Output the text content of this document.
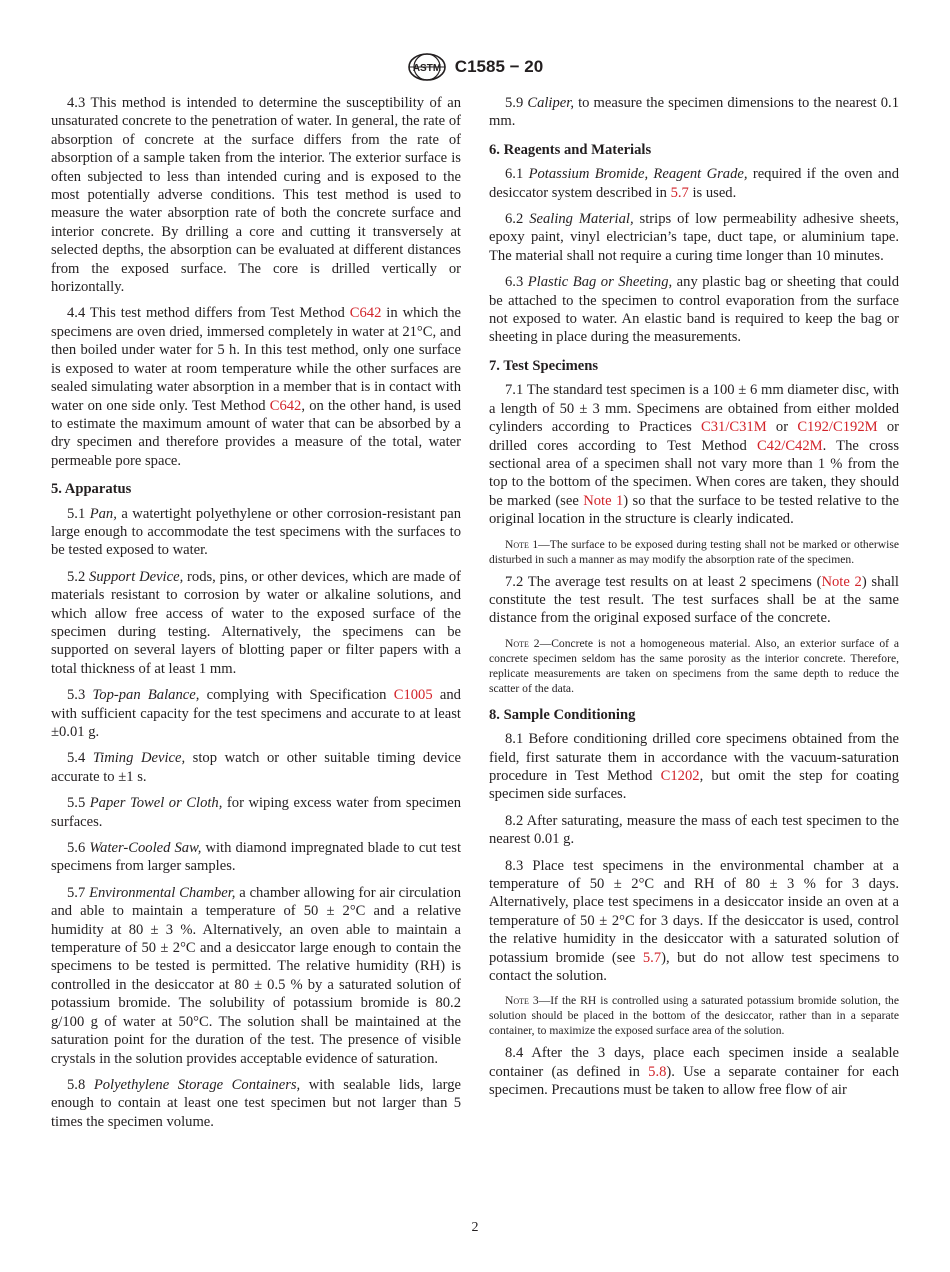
ASTM C1585 − 20

4.3 This method is intended to determine the susceptibility of an unsaturated concrete to the penetration of water. In general, the rate of absorption of concrete at the surface differs from the rate of absorption of a sample taken from the interior. The exterior surface is often subjected to less than intended curing and is exposed to the most potentially adverse conditions. This test method is used to measure the water absorption rate of both the concrete surface and interior concrete. By drilling a core and cutting it transversely at selected depths, the absorption can be evaluated at different distances from the exposed surface. The core is drilled vertically or horizontally.

4.4 This test method differs from Test Method C642 in which the specimens are oven dried, immersed completely in water at 21°C, and then boiled under water for 5 h. In this test method, only one surface is exposed to water at room temperature while the other surfaces are sealed simulating water absorption in a member that is in contact with water on one side only. Test Method C642, on the other hand, is used to estimate the maximum amount of water that can be absorbed by a dry specimen and therefore provides a measure of the total, water permeable pore space.

5. Apparatus

5.1 Pan, a watertight polyethylene or other corrosion-resistant pan large enough to accommodate the test specimens with the surfaces to be tested exposed to water.

5.2 Support Device, rods, pins, or other devices, which are made of materials resistant to corrosion by water or alkaline solutions, and which allow free access of water to the exposed surface of the specimen during testing. Alternatively, the specimens can be supported on several layers of blotting paper or filter papers with a total thickness of at least 1 mm.

5.3 Top-pan Balance, complying with Specification C1005 and with sufficient capacity for the test specimens and accurate to at least ±0.01 g.

5.4 Timing Device, stop watch or other suitable timing device accurate to ±1 s.

5.5 Paper Towel or Cloth, for wiping excess water from specimen surfaces.

5.6 Water-Cooled Saw, with diamond impregnated blade to cut test specimens from larger samples.

5.7 Environmental Chamber, a chamber allowing for air circulation and able to maintain a temperature of 50 ± 2°C and a relative humidity at 80 ± 3 %. Alternatively, an oven able to maintain a temperature of 50 ± 2°C and a desiccator large enough to contain the specimens to be tested is permitted. The relative humidity (RH) is controlled in the desiccator at 80 ± 0.5 % by a saturated solution of potassium bromide. The solubility of potassium bromide is 80.2 g/100 g of water at 50°C. The solution shall be maintained at the saturation point for the duration of the test. The presence of visible crystals in the solution provides acceptable evidence of saturation.

5.8 Polyethylene Storage Containers, with sealable lids, large enough to contain at least one test specimen but not larger than 5 times the specimen volume.

5.9 Caliper, to measure the specimen dimensions to the nearest 0.1 mm.

6. Reagents and Materials

6.1 Potassium Bromide, Reagent Grade, required if the oven and desiccator system described in 5.7 is used.

6.2 Sealing Material, strips of low permeability adhesive sheets, epoxy paint, vinyl electrician’s tape, duct tape, or aluminium tape. The material shall not require a curing time longer than 10 minutes.

6.3 Plastic Bag or Sheeting, any plastic bag or sheeting that could be attached to the specimen to control evaporation from the surface not exposed to water. An elastic band is required to keep the bag or sheeting in place during the measurements.

7. Test Specimens

7.1 The standard test specimen is a 100 ± 6 mm diameter disc, with a length of 50 ± 3 mm. Specimens are obtained from either molded cylinders according to Practices C31/C31M or C192/C192M or drilled cores according to Test Method C42/C42M. The cross sectional area of a specimen shall not vary more than 1 % from the top to the bottom of the specimen. When cores are taken, they should be marked (see Note 1) so that the surface to be tested relative to the original location in the structure is clearly indicated.

Note 1—The surface to be exposed during testing shall not be marked or otherwise disturbed in such a manner as may modify the absorption rate of the specimen.

7.2 The average test results on at least 2 specimens (Note 2) shall constitute the test result. The test surfaces shall be at the same distance from the original exposed surface of the concrete.

Note 2—Concrete is not a homogeneous material. Also, an exterior surface of a concrete specimen seldom has the same porosity as the interior concrete. Therefore, replicate measurements are taken on specimens from the same depth to reduce the scatter of the data.

8. Sample Conditioning

8.1 Before conditioning drilled core specimens obtained from the field, first saturate them in accordance with the vacuum-saturation procedure in Test Method C1202, but omit the step for coating specimen side surfaces.

8.2 After saturating, measure the mass of each test specimen to the nearest 0.01 g.

8.3 Place test specimens in the environmental chamber at a temperature of 50 ± 2°C and RH of 80 ± 3 % for 3 days. Alternatively, place test specimens in a desiccator inside an oven at a temperature of 50 ± 2°C for 3 days. If the desiccator is used, control the relative humidity in the desiccator with a saturated solution of potassium bromide (see 5.7), but do not allow test specimens to contact the solution.

Note 3—If the RH is controlled using a saturated potassium bromide solution, the solution should be placed in the bottom of the desiccator, rather than in a separate container, to maximize the exposed surface area of the solution.

8.4 After the 3 days, place each specimen inside a sealable container (as defined in 5.8). Use a separate container for each specimen. Precautions must be taken to allow free flow of air

2
